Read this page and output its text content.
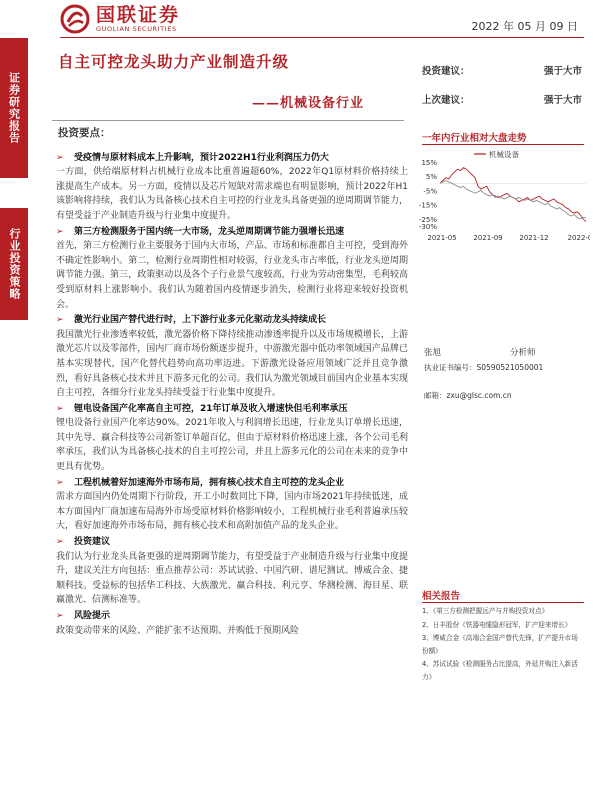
国联证券
GUOLIAN SECURITIES	2022 年 05 月 09 日
证券研究报告
行业投资策略
自主可控龙头助力产业制造升级
——机械设备行业
投资建议：	强于大市
上次建议：	强于大市
投资要点：
➢	受疫情与原材料成本上升影响，预计2022H1行业利润压力仍大
一方面，供给端原材料占机械行业成本比重普遍超60%，2022年Q1原材料价格持续上涨提高生产成本。另一方面，疫情以及芯片短缺对需求端也有明显影响，预计2022年H1该影响将持续，我们认为具备核心技术自主可控的行业龙头具备更强的逆周期调节能力，有望受益于产业制造升级与行业集中度提升。
➢	第三方检测服务于国内统一大市场，龙头逆周期调节能力强增长迅速
首先，第三方检测行业主要服务于国内大市场，产品、市场和标准都自主可控，受到海外不确定性影响小。第二，检测行业周期性相对较弱，行业龙头市占率低，行业龙头逆周期调节能力强。第三，政策驱动以及各个子行业景气度较高，行业为劳动密集型，毛利较高受到原材料上涨影响小。我们认为随着国内疫情逐步消失，检测行业将迎来较好投资机会。
➢	激光行业国产替代进行时，上下游行业多元化驱动龙头持续成长
我国激光行业渗透率较低，激光器价格下降持续推动渗透率提升以及市场规模增长，上游激光芯片以及零部件，国内厂商市场份额逐步提升，中游激光器中低功率领域国产品牌已基本实现替代，国产化替代趋势向高功率迈进。下游激光设备应用领域广泛并且竞争激烈，看好具备核心技术并且下游多元化的公司。我们认为激光领域目前国内企业基本实现自主可控，各细分行业龙头持续受益于行业集中度提升。
➢	锂电设备国产化率高自主可控，21年订单及收入增速快但毛利率承压
锂电设备行业国产化率达90%。2021年收入与利润增长迅速，行业龙头订单增长迅速，其中先导、赢合科技等公司新签订单超百亿，但由于原材料价格迅速上涨，各个公司毛利率承压，我们认为具备核心技术的自主可控公司，并且上游多元化的公司在未来的竞争中更具有优势。
➢	工程机械着好加速海外市场布局，拥有核心技术自主可控的龙头企业
需求方面国内仍处周期下行阶段，开工小时数同比下降，国内市场2021年持续低迷，成本方面国内厂商加速布局海外市场受原材料价格影响较小，工程机械行业毛利普遍承压较大，看好加速海外市场布局，拥有核心技术和高附加值产品的龙头企业。
➢	投资建议
我们认为行业龙头具备更强的逆周期调节能力，有望受益于产业制造升级与行业集中度提升，建议关注方向包括：重点推荐公司：苏试试验、中国汽研、谱尼测试、博威合金、捷顺科技。受益标的包括华工科技、大族激光、赢合科技、利元亨、华测检测、海目星、联赢激光、信测标准等。
➢	风险提示
政策变动带来的风险、产能扩张不达预期、并购低于预期风险
一年内行业相对大盘走势
15%
5%
-5%
-15%
-25%
-30%
2021-05 2021-09 2021-12	2022-0
机械设备
张旭	分析师
执业证书编号：S0590521050001
邮箱：zxu@glsc.com.cn
相关报告
1、《第三方检测把握远产与并购投资对点》
2、日丰股份《铁器电缆隐形冠军，扩产迎来增长》
3、博威合金《高端合金国产替代先锋，扩产提升市场份额》
4、苏试试验《检测服务占比提高，外延并购注入新活力》
